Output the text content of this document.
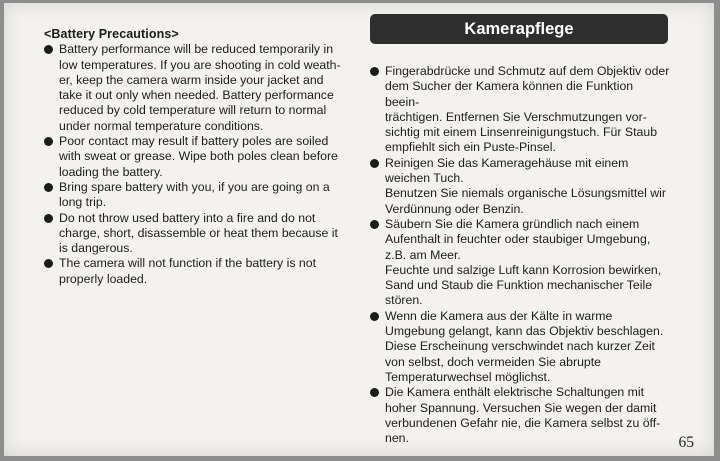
<Battery Precautions>
Battery performance will be reduced temporarily in
low temperatures. If you are shooting in cold weath-
er, keep the camera warm inside your jacket and
take it out only when needed. Battery performance
reduced by cold temperature will return to normal
under normal temperature conditions.
Poor contact may result if battery poles are soiled
with sweat or grease. Wipe both poles clean before
loading the battery.
Bring spare battery with you, if you are going on a
long trip.
Do not throw used battery into a fire and do not
charge, short, disassemble or heat them because it
is dangerous.
The camera will not function if the battery is not
properly loaded.
Kamerapflege
Fingerabdrücke und Schmutz auf dem Objektiv oder
dem Sucher der Kamera können die Funktion beein-
trächtigen. Entfernen Sie Verschmutzungen vor-
sichtig mit einem Linsenreinigungstuch. Für Staub
empfiehlt sich ein Puste-Pinsel.
Reinigen Sie das Kameragehäuse mit einem
weichen Tuch.
Benutzen Sie niemals organische Lösungsmittel wir
Verdünnung oder Benzin.
Säubern Sie die Kamera gründlich nach einem
Aufenthalt in feuchter oder staubiger Umgebung,
z.B. am Meer.
Feuchte und salzige Luft kann Korrosion bewirken,
Sand und Staub die Funktion mechanischer Teile
stören.
Wenn die Kamera aus der Kälte in warme
Umgebung gelangt, kann das Objektiv beschlagen.
Diese Erscheinung verschwindet nach kurzer Zeit
von selbst, doch vermeiden Sie abrupte
Temperaturwechsel möglichst.
Die Kamera enthält elektrische Schaltungen mit
hoher Spannung. Versuchen Sie wegen der damit
verbundenen Gefahr nie, die Kamera selbst zu öff-
nen.	65
